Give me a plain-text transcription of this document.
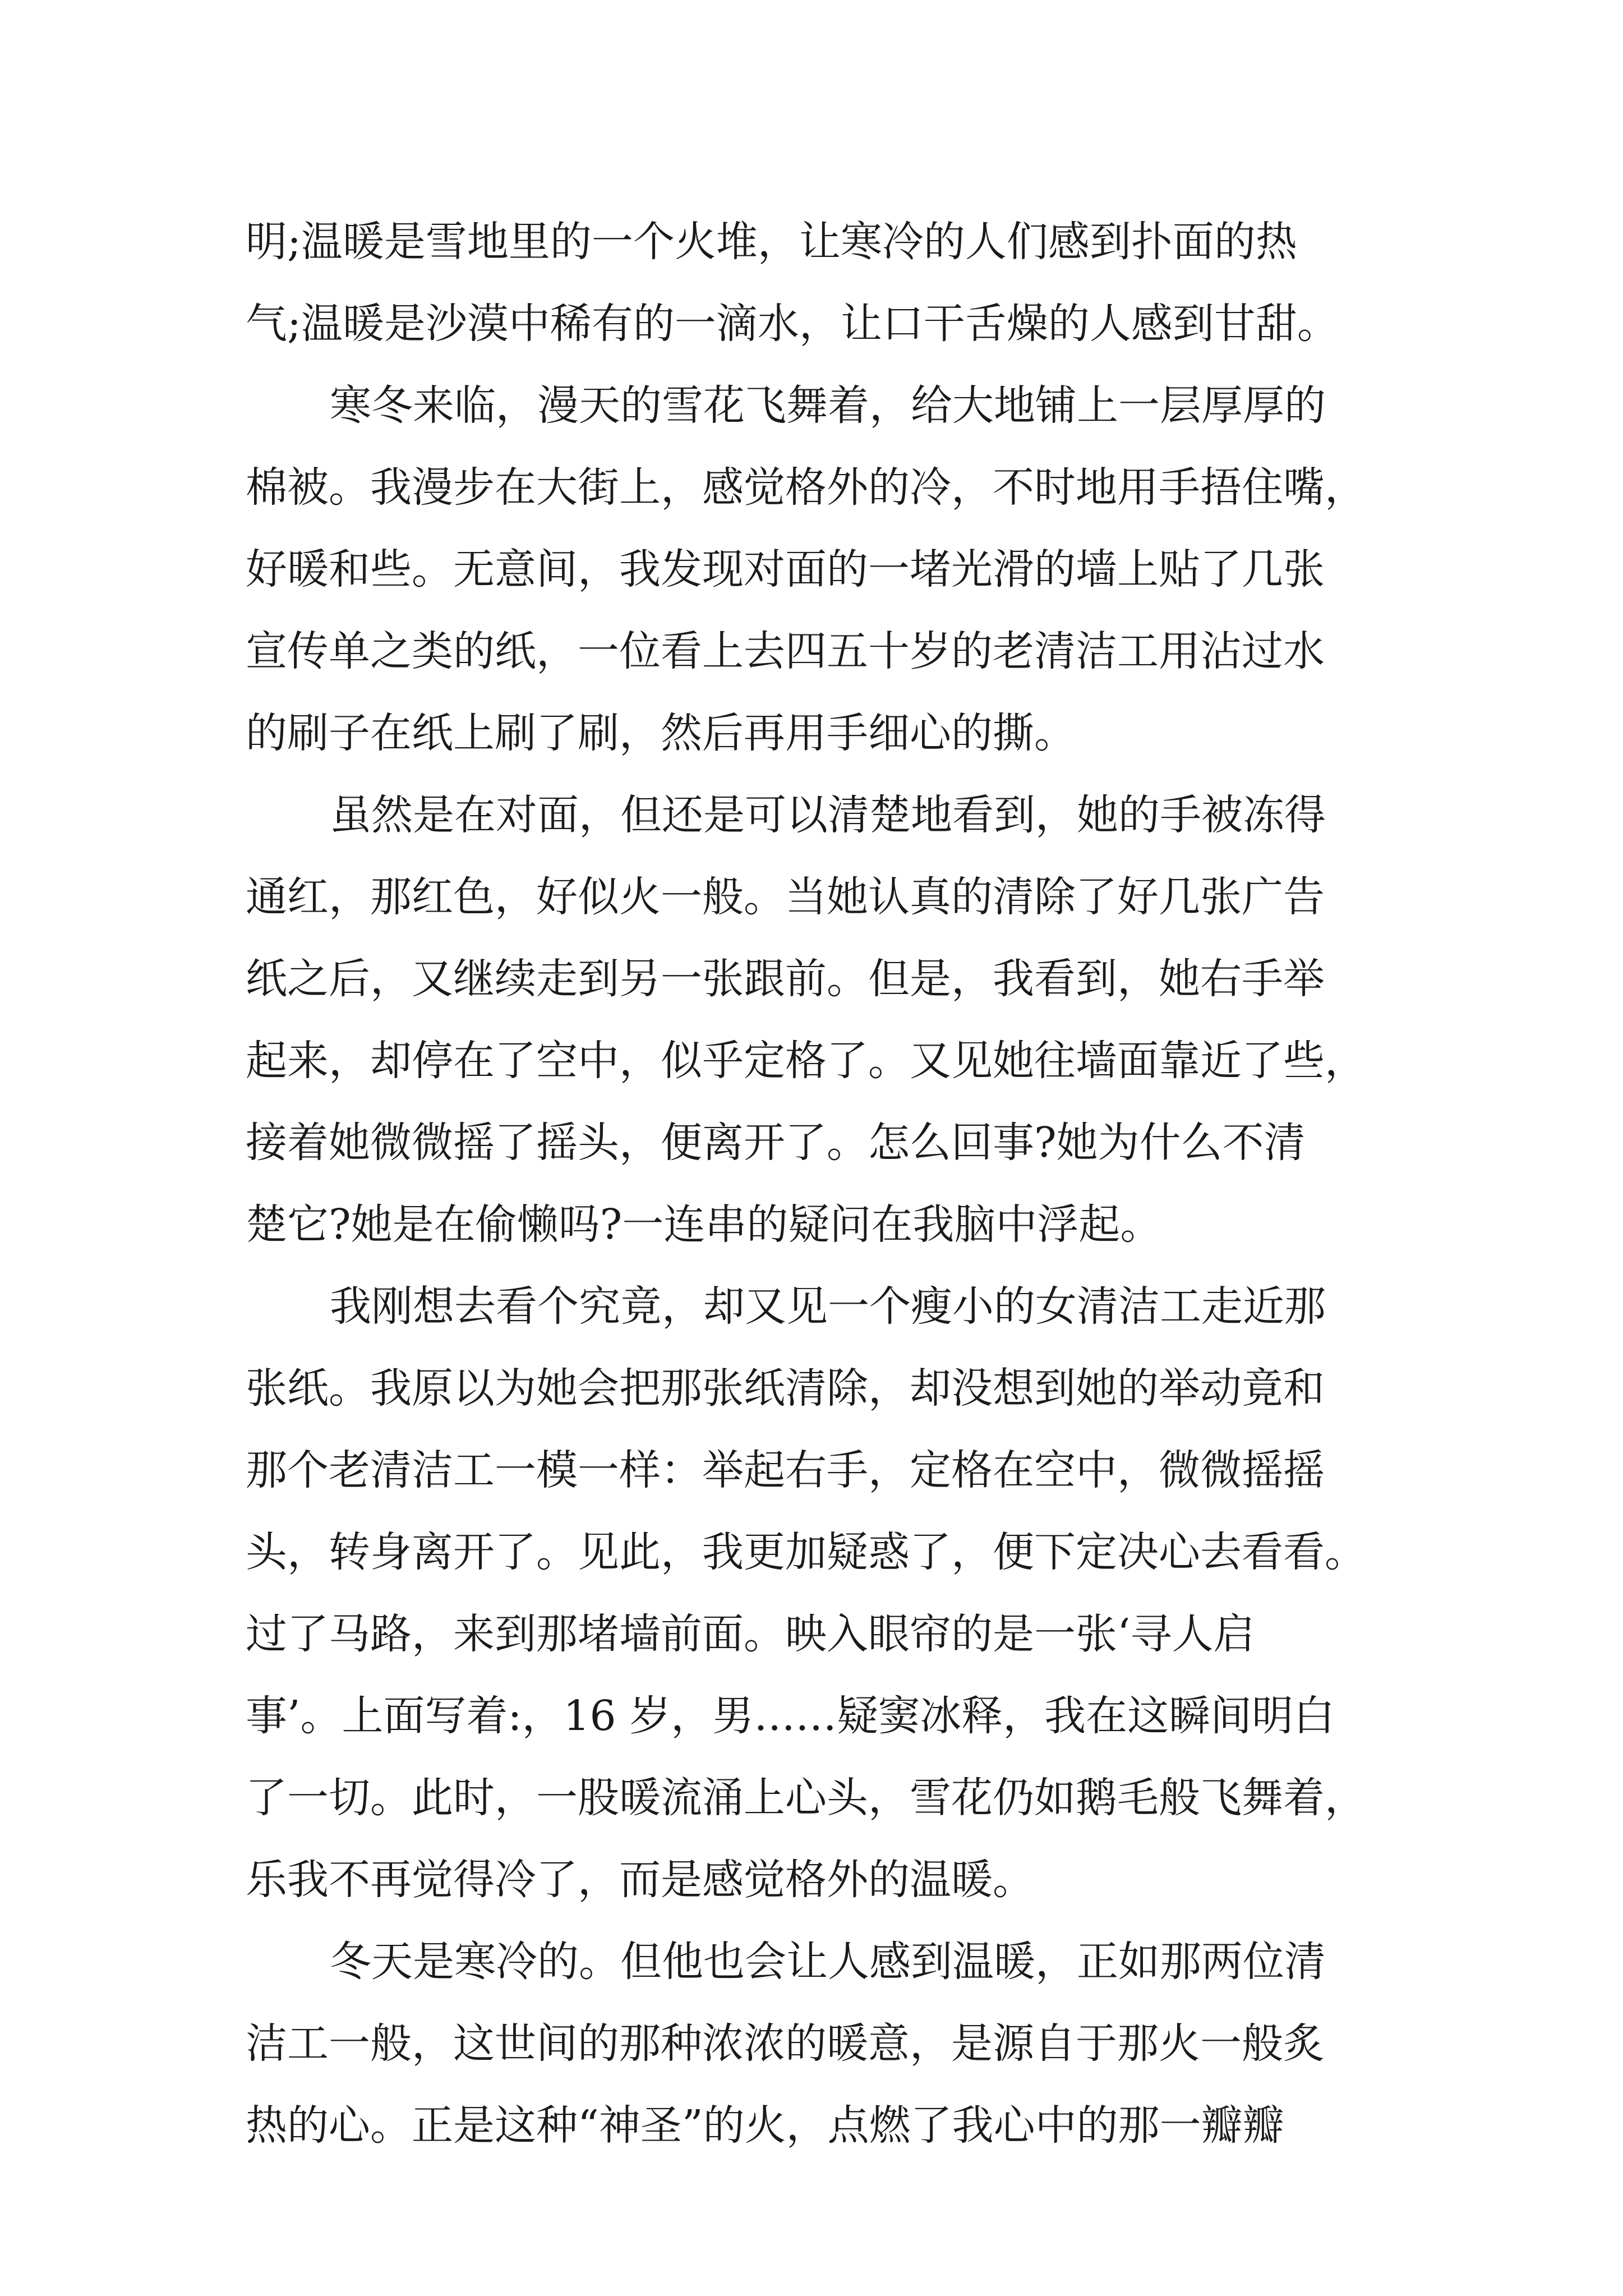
明;温暖是雪地里的一个火堆，让寒冷的人们感到扑面的热
气;温暖是沙漠中稀有的一滴水，让口干舌燥的人感到甘甜。
寒冬来临，漫天的雪花飞舞着，给大地铺上一层厚厚的
棉被。我漫步在大街上，感觉格外的冷，不时地用手捂住嘴，
好暖和些。无意间，我发现对面的一堵光滑的墙上贴了几张
宣传单之类的纸，一位看上去四五十岁的老清洁工用沾过水
的刷子在纸上刷了刷，然后再用手细心的撕。
虽然是在对面，但还是可以清楚地看到，她的手被冻得
通红，那红色，好似火一般。当她认真的清除了好几张广告
纸之后，又继续走到另一张跟前。但是，我看到，她右手举
起来，却停在了空中，似乎定格了。又见她往墙面靠近了些，
接着她微微摇了摇头，便离开了。怎么回事?她为什么不清
楚它?她是在偷懒吗?一连串的疑问在我脑中浮起。
我刚想去看个究竟，却又见一个瘦小的女清洁工走近那
张纸。我原以为她会把那张纸清除，却没想到她的举动竟和
那个老清洁工一模一样：举起右手，定格在空中，微微摇摇
头，转身离开了。见此，我更加疑惑了，便下定决心去看看。
过了马路，来到那堵墙前面。映入眼帘的是一张‘寻人启
事’。上面写着:，16 岁，男……疑窦冰释，我在这瞬间明白
了一切。此时，一股暖流涌上心头，雪花仍如鹅毛般飞舞着，
乐我不再觉得冷了，而是感觉格外的温暖。
冬天是寒冷的。但他也会让人感到温暖，正如那两位清
洁工一般，这世间的那种浓浓的暖意，是源自于那火一般炙
热的心。正是这种“神圣”的火，点燃了我心中的那一瓣瓣
